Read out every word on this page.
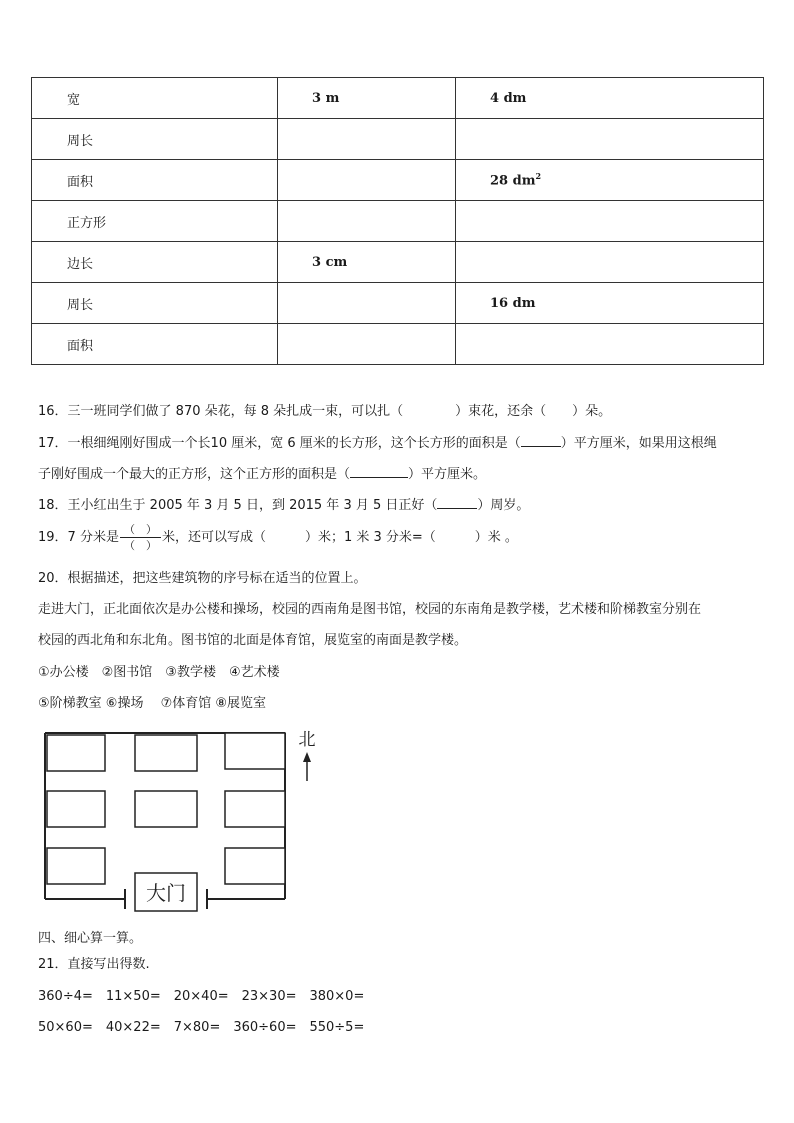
宽	3 m	4 dm
周长		
面积		28 $dm^2$
正方形		
边长	3 cm	
周长		16 dm
面积		
16．三一班同学们做了 870 朵花，每 8 朵扎成一束，可以扎（　　　　）束花，还余（　　）朵。
17．一根细绳刚好围成一个长10 厘米，宽 6 厘米的长方形，这个长方形的面积是（	）平方厘米，如果用这根绳
子刚好围成一个最大的正方形，这个正方形的面积是（	）平方厘米。
18．王小红出生于 2005 年 3 月 5 日，到 2015 年 3 月 5 日正好（	）周岁。
19．7 分米是 $\frac{( )}{( )}$ 米，还可以写成（　　　）米；1 米 3 分米=（　　　）米 。
20．根据描述，把这些建筑物的序号标在适当的位置上。
走进大门，正北面依次是办公楼和操场，校园的西南角是图书馆，校园的东南角是教学楼，艺术楼和阶梯教室分别在
校园的西北角和东北角。图书馆的北面是体育馆，展览室的南面是教学楼。
①办公楼　②图书馆　③教学楼　④艺术楼
⑤阶梯教室 ⑥操场　 ⑦体育馆 ⑧展览室
大门
北
四、细心算一算。
21．直接写出得数.
360÷4=　11×50=　20×40=　23×30=　380×0=
50×60=　40×22=　7×80=　360÷60=　550÷5=
